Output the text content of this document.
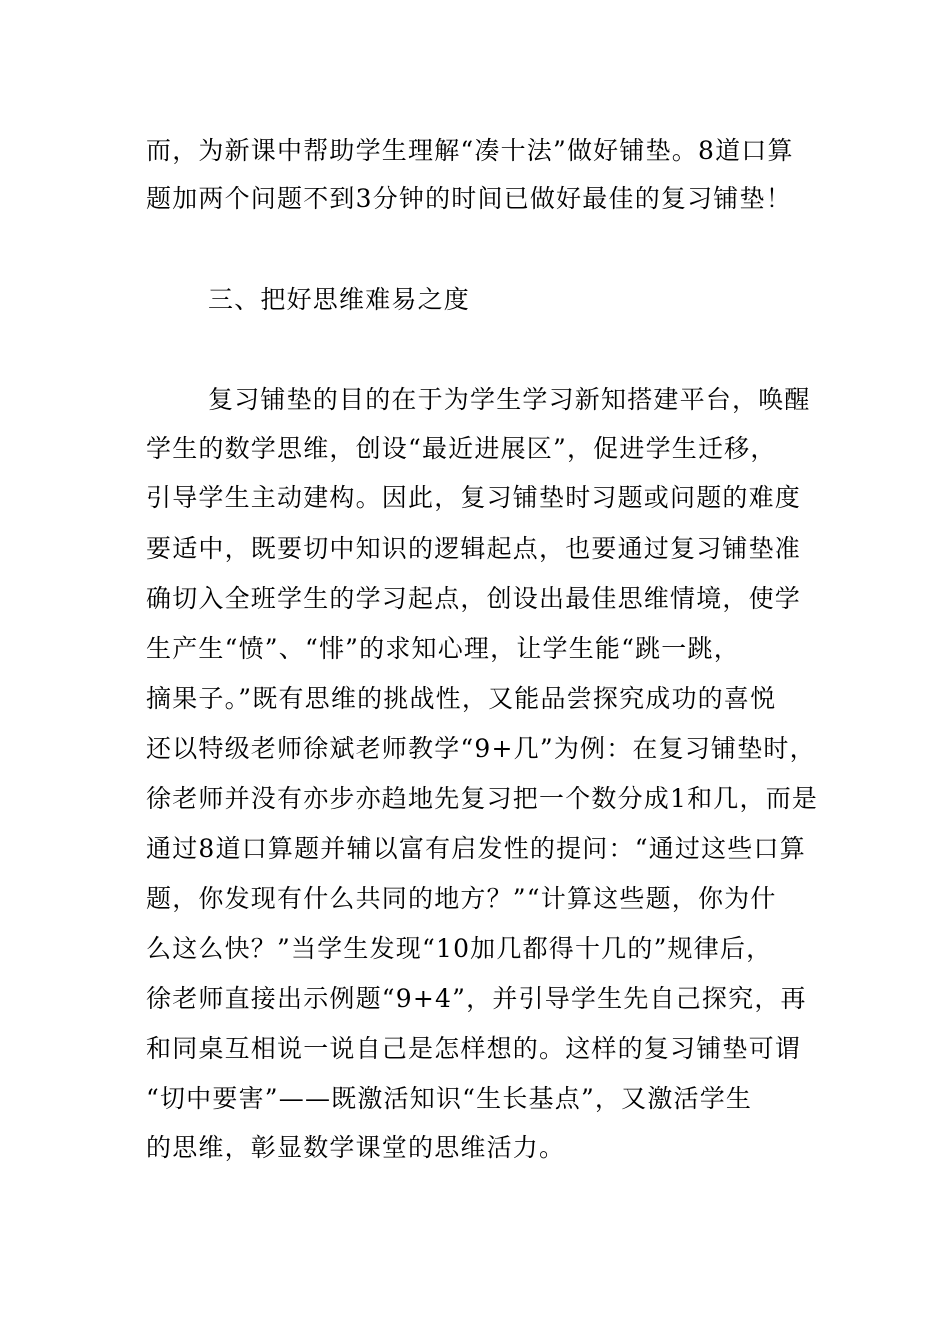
而，为新课中帮助学生理解“凑十法”做好铺垫。8道口算
题加两个问题不到3分钟的时间已做好最佳的复习铺垫！
三、把好思维难易之度
复习铺垫的目的在于为学生学习新知搭建平台，唤醒
学生的数学思维，创设“最近进展区”，促进学生迁移，
引导学生主动建构。因此，复习铺垫时习题或问题的难度
要适中，既要切中知识的逻辑起点，也要通过复习铺垫准
确切入全班学生的学习起点，创设出最佳思维情境，使学
生产生“愤”、“悱”的求知心理，让学生能“跳一跳，
摘果子。”既有思维的挑战性，又能品尝探究成功的喜悦
还以特级老师徐斌老师教学“9+几”为例：在复习铺垫时，
徐老师并没有亦步亦趋地先复习把一个数分成1和几，而是
通过8道口算题并辅以富有启发性的提问：“通过这些口算
题，你发现有什么共同的地方？”“计算这些题，你为什
么这么快？”当学生发现“10加几都得十几的”规律后，
徐老师直接出示例题“9+4”，并引导学生先自己探究，再
和同桌互相说一说自己是怎样想的。这样的复习铺垫可谓
“切中要害”——既激活知识“生长基点”，又激活学生
的思维，彰显数学课堂的思维活力。
